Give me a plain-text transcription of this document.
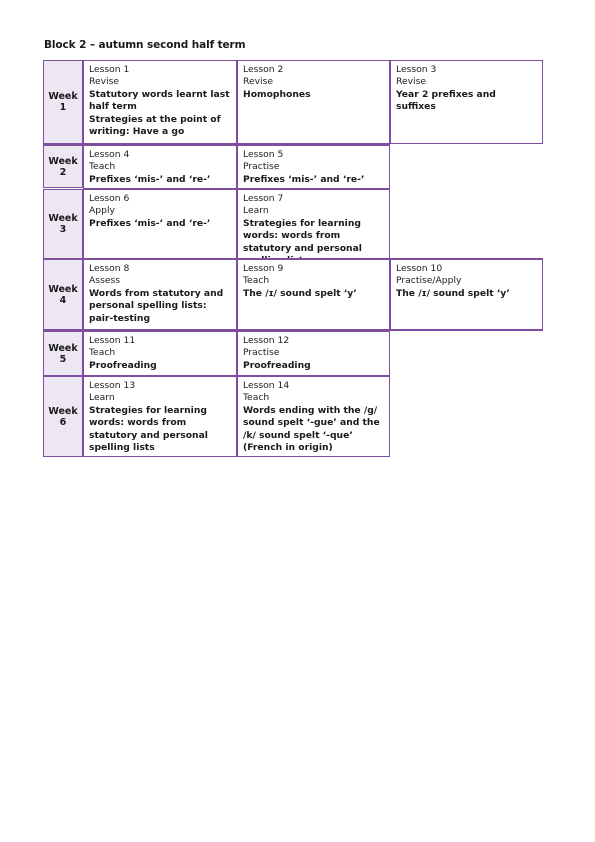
Block 2 – autumn second half term
Week
1
Week
2
Week
3
Week
4
Week
5
Week
6
Lesson 1
Revise
Statutory words learnt last half term
Strategies at the point of writing: Have a go
Lesson 2
Revise
Homophones
Lesson 3
Revise
Year 2 prefixes and suffixes
Lesson 4
Teach
Prefixes ‘mis-’ and ‘re-’
Lesson 5
Practise
Prefixes ‘mis-’ and ‘re-’
Lesson 6
Apply
Prefixes ‘mis-’ and ‘re-’
Lesson 7
Learn
Strategies for learning words: words from statutory and personal
Lesson 8
Assess
Words from statutory and personal spelling lists: pair-testing
Lesson 9
Teach
The /ɪ/ sound spelt ‘y’
Lesson 10
Practise/Apply
The /ɪ/ sound spelt ‘y’
Lesson 11
Teach
Proofreading
Lesson 12
Practise
Proofreading
Lesson 13
Learn
Strategies for learning words: words from statutory and personal spelling lists
Lesson 14
Teach
Words ending with the /g/ sound spelt ‘-gue’ and the /k/ sound spelt ‘-que’ (French in origin)
